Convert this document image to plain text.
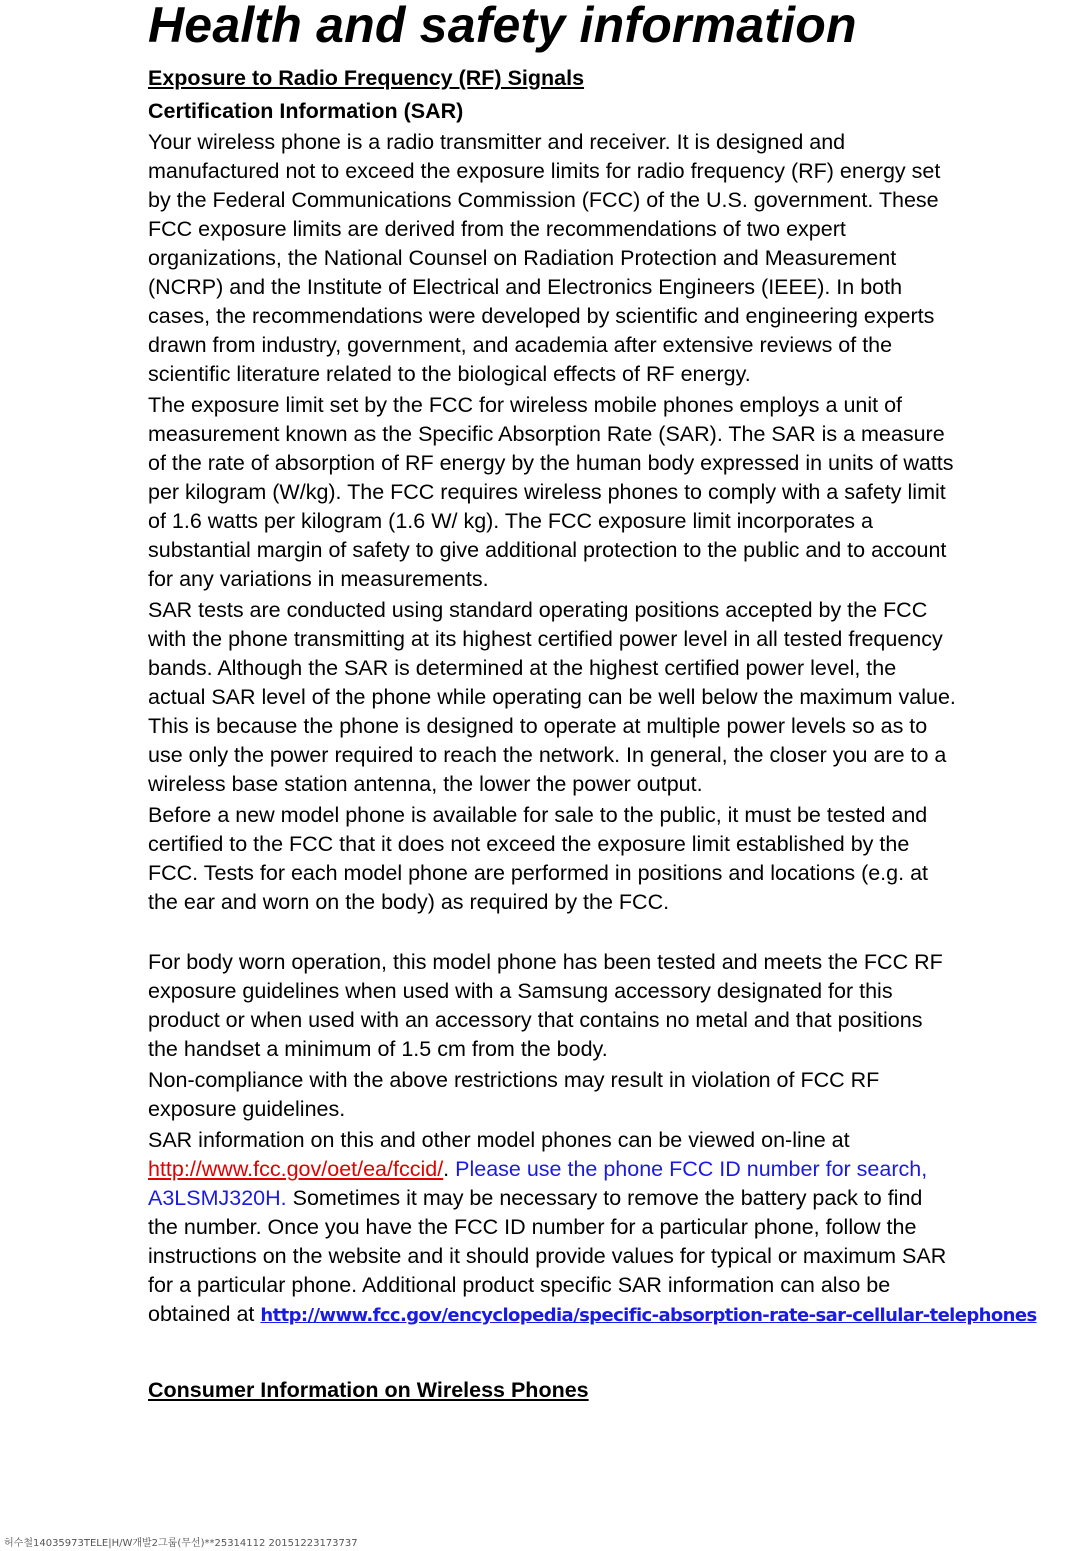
Health and safety information
Exposure to Radio Frequency (RF) Signals
Certification Information (SAR)

Your wireless phone is a radio transmitter and receiver. It is designed and
manufactured not to exceed the exposure limits for radio frequency (RF) energy set
by the Federal Communications Commission (FCC) of the U.S. government. These
FCC exposure limits are derived from the recommendations of two expert
organizations, the National Counsel on Radiation Protection and Measurement
(NCRP) and the Institute of Electrical and Electronics Engineers (IEEE). In both
cases, the recommendations were developed by scientific and engineering experts
drawn from industry, government, and academia after extensive reviews of the
scientific literature related to the biological effects of RF energy.

The exposure limit set by the FCC for wireless mobile phones employs a unit of
measurement known as the Specific Absorption Rate (SAR). The SAR is a measure
of the rate of absorption of RF energy by the human body expressed in units of watts
per kilogram (W/kg). The FCC requires wireless phones to comply with a safety limit
of 1.6 watts per kilogram (1.6 W/ kg). The FCC exposure limit incorporates a
substantial margin of safety to give additional protection to the public and to account
for any variations in measurements.

SAR tests are conducted using standard operating positions accepted by the FCC
with the phone transmitting at its highest certified power level in all tested frequency
bands. Although the SAR is determined at the highest certified power level, the
actual SAR level of the phone while operating can be well below the maximum value.
This is because the phone is designed to operate at multiple power levels so as to
use only the power required to reach the network. In general, the closer you are to a
wireless base station antenna, the lower the power output.

Before a new model phone is available for sale to the public, it must be tested and
certified to the FCC that it does not exceed the exposure limit established by the
FCC. Tests for each model phone are performed in positions and locations (e.g. at
the ear and worn on the body) as required by the FCC.

For body worn operation, this model phone has been tested and meets the FCC RF
exposure guidelines when used with a Samsung accessory designated for this
product or when used with an accessory that contains no metal and that positions
the handset a minimum of 1.5 cm from the body.

Non-compliance with the above restrictions may result in violation of FCC RF
exposure guidelines.

SAR information on this and other model phones can be viewed on-line at
http://www.fcc.gov/oet/ea/fccid/. Please use the phone FCC ID number for search,
A3LSMJ320H. Sometimes it may be necessary to remove the battery pack to find
the number. Once you have the FCC ID number for a particular phone, follow the
instructions on the website and it should provide values for typical or maximum SAR
for a particular phone. Additional product specific SAR information can also be
obtained at http://www.fcc.gov/encyclopedia/specific-absorption-rate-sar-cellular-telephones

Consumer Information on Wireless Phones
허수철14035973TELE|H/W개발2그룹(무선)**25314112 20151223173737
